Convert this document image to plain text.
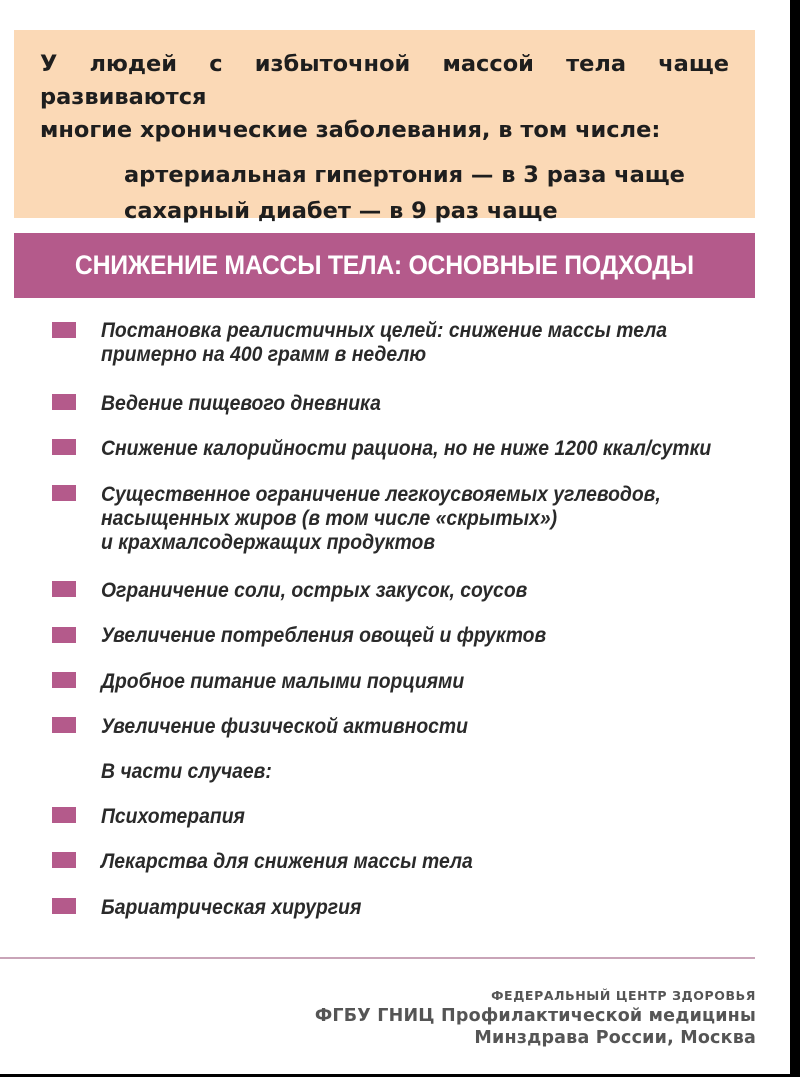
У людей с избыточной массой тела чаще развиваются

многие хронические заболевания, в том числе:

артериальная гипертония — в 3 раза чаще
сахарный диабет — в 9 раз чаще
СНИЖЕНИЕ МАССЫ ТЕЛА: ОСНОВНЫЕ ПОДХОДЫ
Постановка реалистичных целей: снижение массы тела
примерно на 400 грамм в неделю
Ведение пищевого дневника
Снижение калорийности рациона, но не ниже 1200 ккал/сутки
Существенное ограничение легкоусвояемых углеводов,
насыщенных жиров (в том числе «скрытых»)
и крахмалсодержащих продуктов
Ограничение соли, острых закусок, соусов
Увеличение потребления овощей и фруктов
Дробное питание малыми порциями
Увеличение физической активности
В части случаев:
Психотерапия
Лекарства для снижения массы тела
Бариатрическая хирургия
ФЕДЕРАЛЬНЫЙ ЦЕНТР ЗДОРОВЬЯ
ФГБУ ГНИЦ Профилактической медицины
Минздрава России, Москва
